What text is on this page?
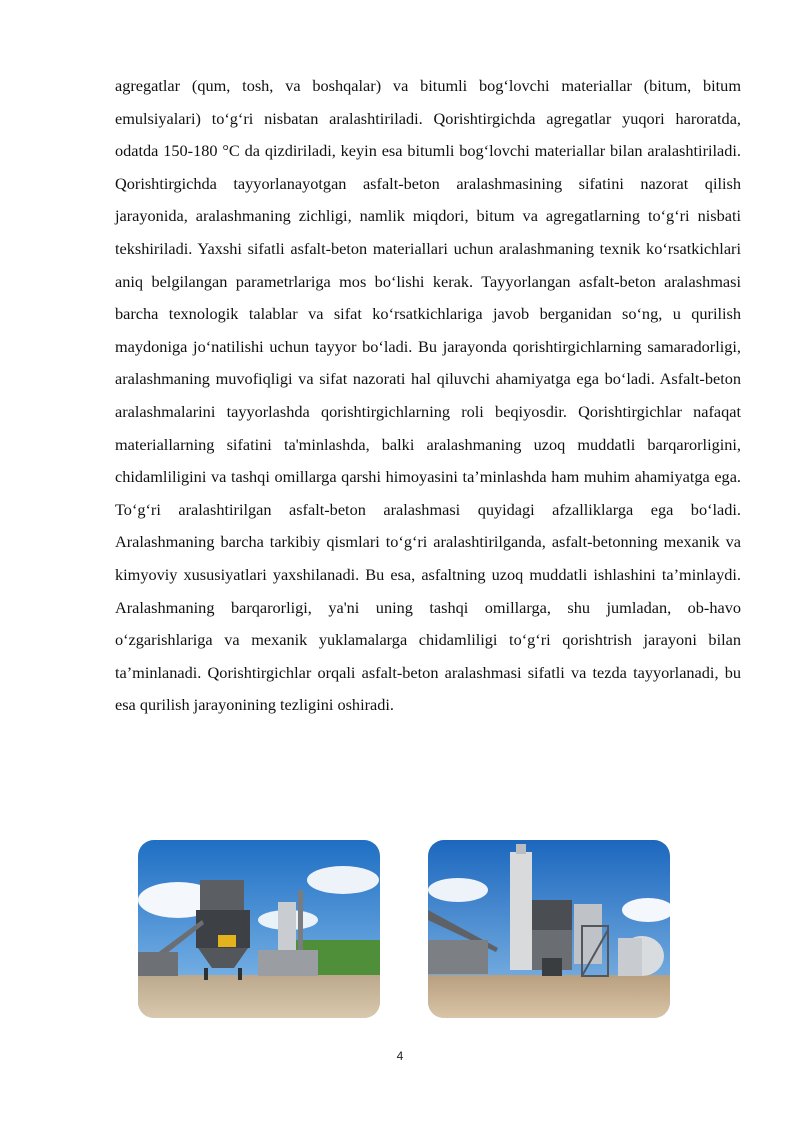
agregatlar (qum, tosh, va boshqalar) va bitumli bog‘lovchi materiallar (bitum, bitum emulsiyalari) to‘g‘ri nisbatan aralashtiriladi. Qorishtirgichda agregatlar yuqori haroratda, odatda 150-180 °C da qizdiriladi, keyin esa bitumli bog‘lovchi materiallar bilan aralashtiriladi. Qorishtirgichda tayyorlanayotgan asfalt-beton aralashmasining sifatini nazorat qilish jarayonida, aralashmaning zichligi, namlik miqdori, bitum va agregatlarning to‘g‘ri nisbati tekshiriladi. Yaxshi sifatli asfalt-beton materiallari uchun aralashmaning texnik ko‘rsatkichlari aniq belgilangan parametrlariga mos bo‘lishi kerak. Tayyorlangan asfalt-beton aralashmasi barcha texnologik talablar va sifat ko‘rsatkichlariga javob berganidan so‘ng, u qurilish maydoniga jo‘natilishi uchun tayyor bo‘ladi. Bu jarayonda qorishtirgichlarning samaradorligi, aralashmaning muvofiqligi va sifat nazorati hal qiluvchi ahamiyatga ega bo‘ladi. Asfalt-beton aralashmalarini tayyorlashda qorishtirgichlarning roli beqiyosdir. Qorishtirgichlar nafaqat materiallarning sifatini ta'minlashda, balki aralashmaning uzoq muddatli barqarorligini, chidamliligini va tashqi omillarga qarshi himoyasini ta’minlashda ham muhim ahamiyatga ega. To‘g‘ri aralashtirilgan asfalt-beton aralashmasi quyidagi afzalliklarga ega bo‘ladi. Aralashmaning barcha tarkibiy qismlari to‘g‘ri aralashtirilganda, asfalt-betonning mexanik va kimyoviy xususiyatlari yaxshilanadi. Bu esa, asfaltning uzoq muddatli ishlashini ta’minlaydi. Aralashmaning barqarorligi, ya'ni uning tashqi omillarga, shu jumladan, ob-havo o‘zgarishlariga va mexanik yuklamalarga chidamliligi to‘g‘ri qorishtrish jarayoni bilan ta’minlanadi. Qorishtirgichlar orqali asfalt-beton aralashmasi sifatli va tezda tayyorlanadi, bu esa qurilish jarayonining tezligini oshiradi.

4
